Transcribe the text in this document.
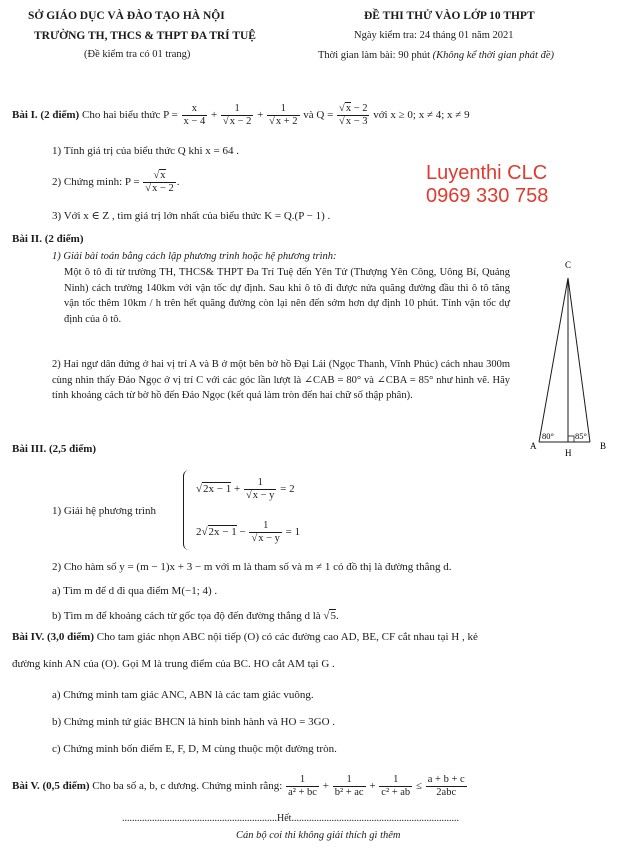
SỞ GIÁO DỤC VÀ ĐÀO TẠO HÀ NỘI
TRƯỜNG TH, THCS & THPT ĐA TRÍ TUỆ
(Đề kiểm tra có 01 trang)
ĐỀ THI THỬ VÀO LỚP 10 THPT
Ngày kiểm tra: 24 tháng 01 năm 2021
Thời gian làm bài: 90 phút (Không kể thời gian phát đề)
Luyenthi CLC
0969 330 758
Bài I. (2 điểm) Cho hai biểu thức $P = \frac{x}{x - 4} + \frac{1}{√x - 2} + \frac{1}{√x + 2}$ và $Q = \frac{√x - 2}{√x - 3}$ với x ≥ 0; x ≠ 4; x ≠ 9
1) Tính giá trị của biểu thức Q khi x = 64 .
2) Chứng minh: $P = \frac{√x}{√x - 2}$ .
3) Với x ∈ Z , tìm giá trị lớn nhất của biểu thức K = Q.(P − 1) .
Bài II. (2 điểm)
1) Giải bài toán bằng cách lập phương trình hoặc hệ phương trình:
Một ô tô đi từ trường TH, THCS& THPT Đa Trí Tuệ đến Yên Tử (Thượng Yên Công, Uông Bí, Quảng Ninh) cách trường 140km với vận tốc dự định. Sau khi ô tô đi được nửa quãng đường đầu thì ô tô tăng vận tốc thêm 10km / h trên hết quãng đường còn lại nên đến sớm hơn dự định 10 phút. Tính vận tốc dự định của ô tô.
2) Hai ngư dân đứng ở hai vị trí A và B ở một bên bờ hồ Đại Lải (Ngọc Thanh, Vĩnh Phúc) cách nhau 300m cùng nhìn thấy Đảo Ngọc ở vị trí C với các góc lần lượt là ∠CAB = 80° và ∠CBA = 85° như hình vẽ. Hãy tính khoảng cách từ bờ hồ đến Đảo Ngọc (kết quả làm tròn đến hai chữ số thập phân).
C
A
H
B
80° 85°
Bài III. (2,5 điểm)
1) Giải hệ phương trình
$√2x - 1 + \frac{1}{√x - y} = 2$
$2√2x - 1 - \frac{1}{√x - y} = 1$
2) Cho hàm số y = (m − 1)x + 3 − m với m là tham số và m ≠ 1 có đồ thị là đường thẳng d.
a) Tìm m để d đi qua điểm M(−1; 4) .
b) Tìm m để khoảng cách từ gốc tọa độ đến đường thẳng d là √5.
Bài IV. (3,0 điểm) Cho tam giác nhọn ABC nội tiếp (O) có các đường cao AD, BE, CF cắt nhau tại H , kẻ
đường kính AN của (O). Gọi M là trung điểm của BC. HO cắt AM tại G .
a) Chứng minh tam giác ANC, ABN là các tam giác vuông.
b) Chứng minh tứ giác BHCN là hình bình hành và HO = 3GO .
c) Chứng minh bốn điểm E, F, D, M cùng thuộc một đường tròn.
Bài V. (0,5 điểm) Cho ba số a, b, c dương. Chứng minh rằng: $\frac{1}{\text{a² + bc}} + \frac{1}{\text{b² + ac}} + \frac{1}{\text{c² + ab}} \le \frac{a + b + c}{\text{2abc}}$
..............................................................Hết...................................................................
Cán bộ coi thi không giải thích gì thêm
